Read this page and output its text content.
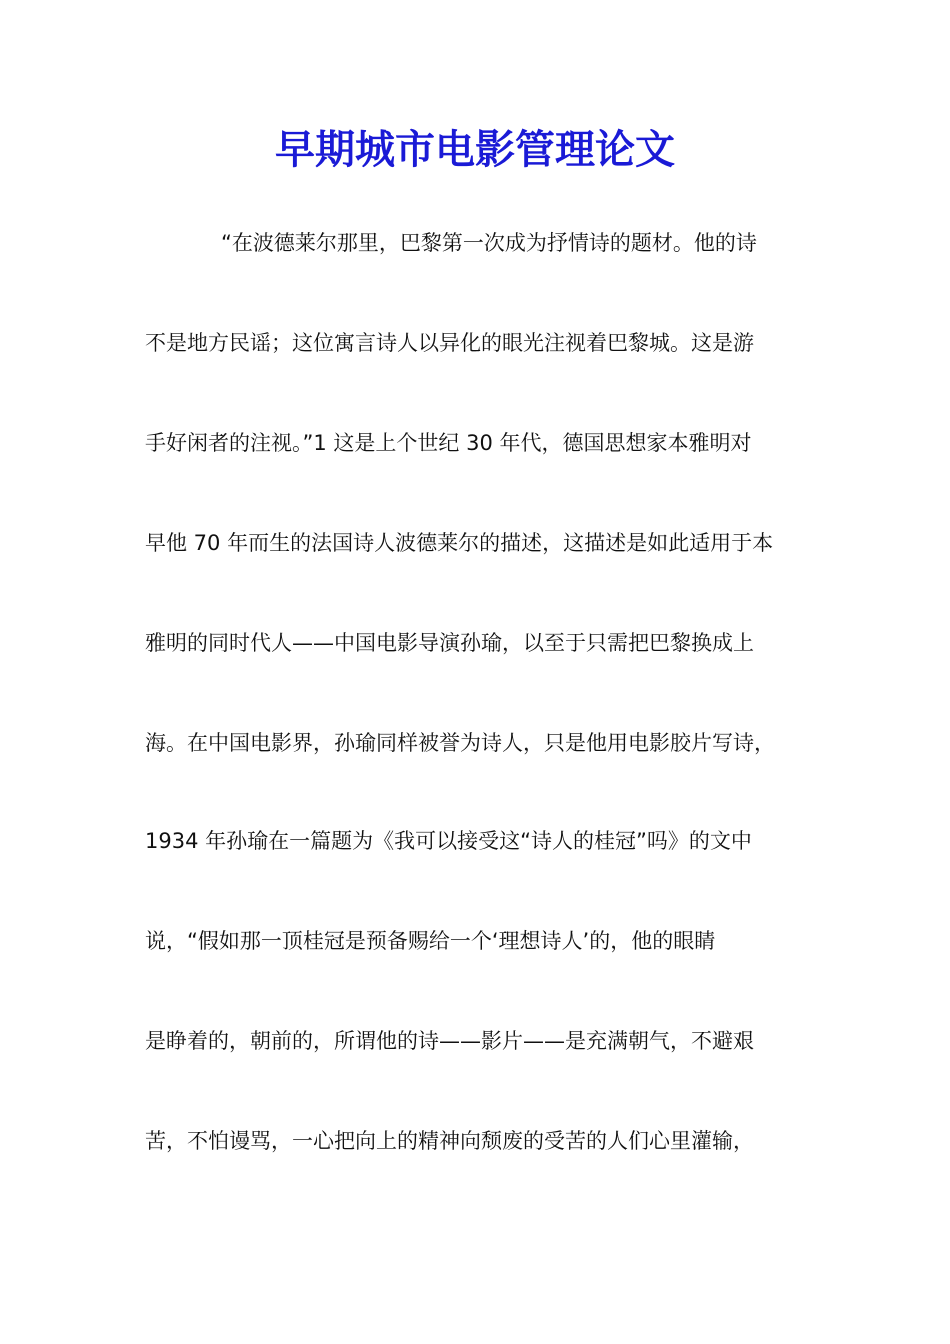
早期城市电影管理论文
“在波德莱尔那里，巴黎第一次成为抒情诗的题材。他的诗
不是地方民谣；这位寓言诗人以异化的眼光注视着巴黎城。这是游
手好闲者的注视。”1 这是上个世纪 30 年代，德国思想家本雅明对
早他 70 年而生的法国诗人波德莱尔的描述，这描述是如此适用于本
雅明的同时代人——中国电影导演孙瑜，以至于只需把巴黎换成上
海。在中国电影界，孙瑜同样被誉为诗人，只是他用电影胶片写诗，
1934 年孙瑜在一篇题为《我可以接受这“诗人的桂冠”吗》的文中
说，“假如那一顶桂冠是预备赐给一个‘理想诗人’的，他的眼睛
是睁着的，朝前的，所谓他的诗——影片——是充满朝气，不避艰
苦，不怕谩骂，一心把向上的精神向颓废的受苦的人们心里灌输，
